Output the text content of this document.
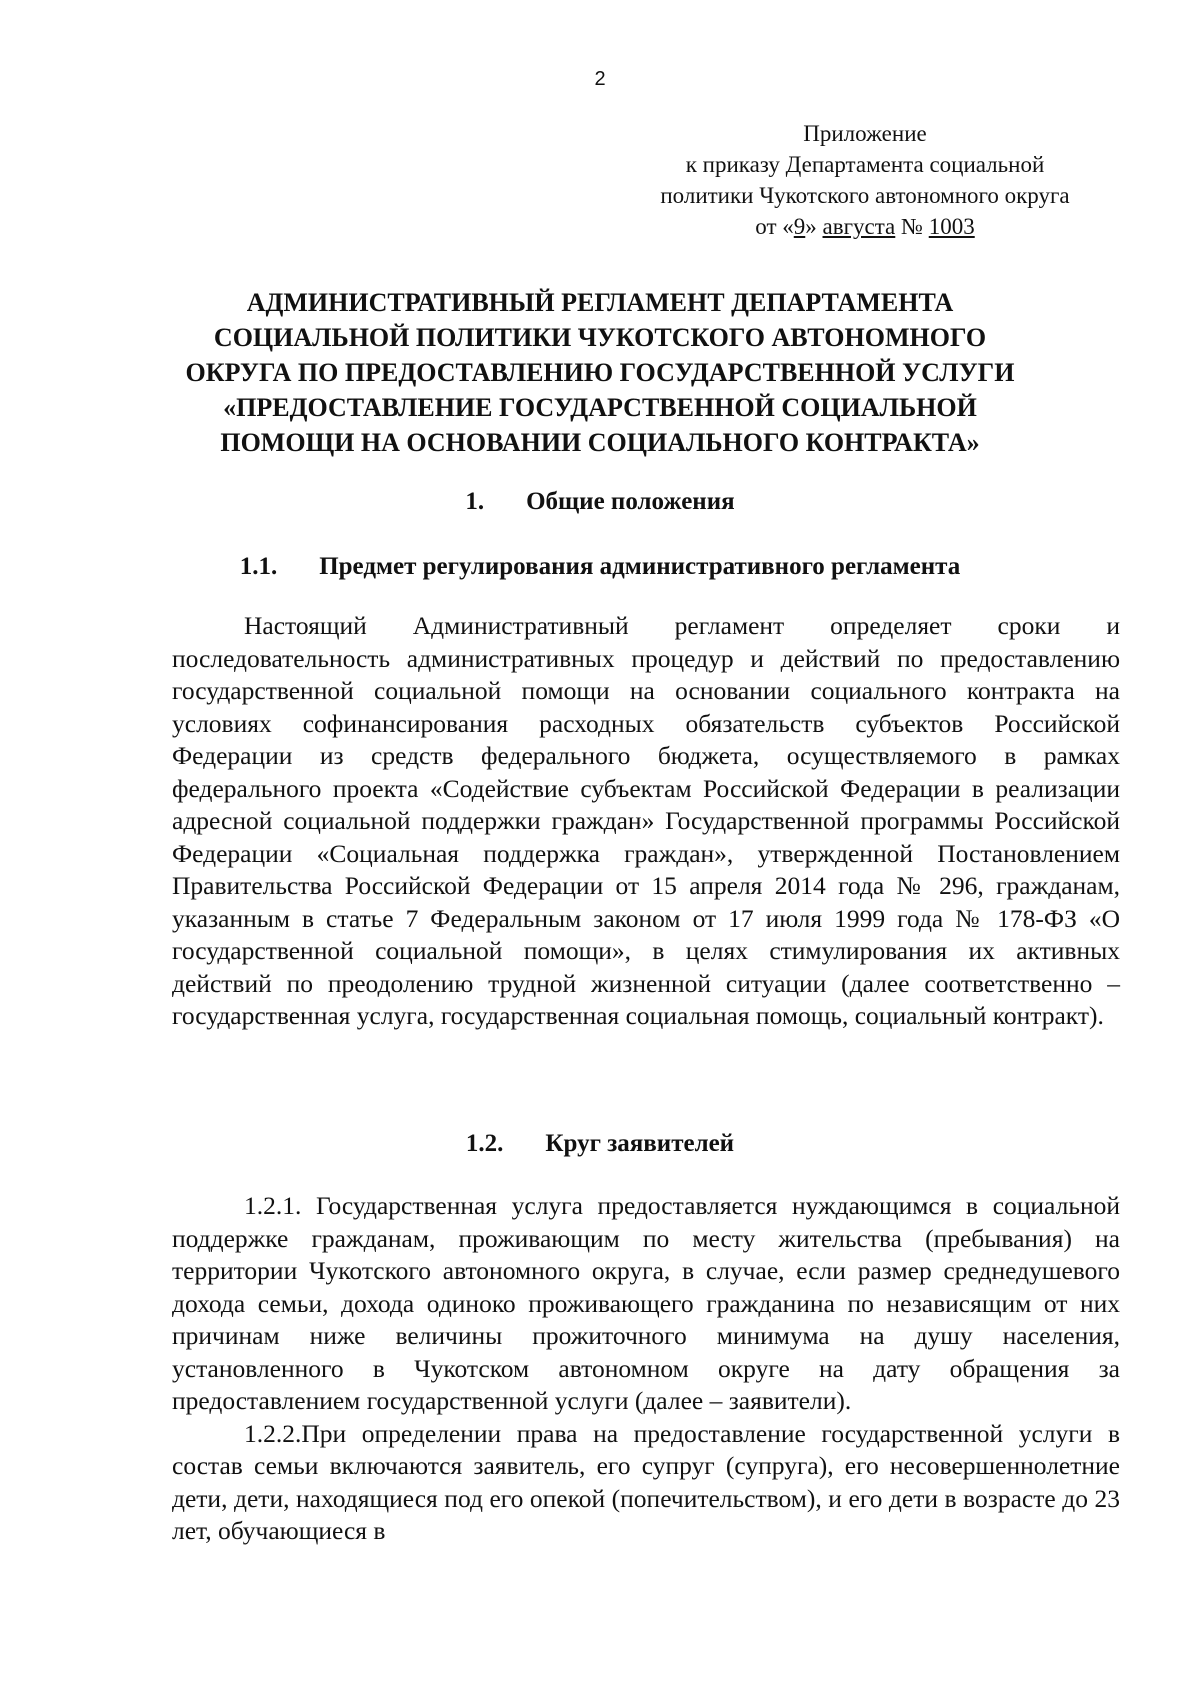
2
Приложение
к приказу Департамента социальной
политики Чукотского автономного округа
от «9» августа № 1003
АДМИНИСТРАТИВНЫЙ РЕГЛАМЕНТ ДЕПАРТАМЕНТА
СОЦИАЛЬНОЙ ПОЛИТИКИ ЧУКОТСКОГО АВТОНОМНОГО
ОКРУГА ПО ПРЕДОСТАВЛЕНИЮ ГОСУДАРСТВЕННОЙ УСЛУГИ
«ПРЕДОСТАВЛЕНИЕ ГОСУДАРСТВЕННОЙ СОЦИАЛЬНОЙ
ПОМОЩИ НА ОСНОВАНИИ СОЦИАЛЬНОГО КОНТРАКТА»
1. Общие положения
1.1. Предмет регулирования административного регламента

Настоящий Административный регламент определяет сроки и последовательность административных процедур и действий по предоставлению государственной социальной помощи на основании социального контракта на условиях софинансирования расходных обязательств субъектов Российской Федерации из средств федерального бюджета, осуществляемого в рамках федерального проекта «Содействие субъектам Российской Федерации в реализации адресной социальной поддержки граждан» Государственной программы Российской Федерации «Социальная поддержка граждан», утвержденной Постановлением Правительства Российской Федерации от 15 апреля 2014 года № 296, гражданам, указанным в статье 7 Федеральным законом от 17 июля 1999 года № 178-ФЗ «О государственной социальной помощи», в целях стимулирования их активных действий по преодолению трудной жизненной ситуации (далее соответственно – государственная услуга, государственная социальная помощь, социальный контракт).

1.2. Круг заявителей

1.2.1. Государственная услуга предоставляется нуждающимся в социальной поддержке гражданам, проживающим по месту жительства (пребывания) на территории Чукотского автономного округа, в случае, если размер среднедушевого дохода семьи, дохода одиноко проживающего гражданина по независящим от них причинам ниже величины прожиточного минимума на душу населения, установленного в Чукотском автономном округе на дату обращения за предоставлением государственной услуги (далее – заявители).

1.2.2.При определении права на предоставление государственной услуги в состав семьи включаются заявитель, его супруг (супруга), его несовершеннолетние дети, дети, находящиеся под его опекой (попечительством), и его дети в возрасте до 23 лет, обучающиеся в
